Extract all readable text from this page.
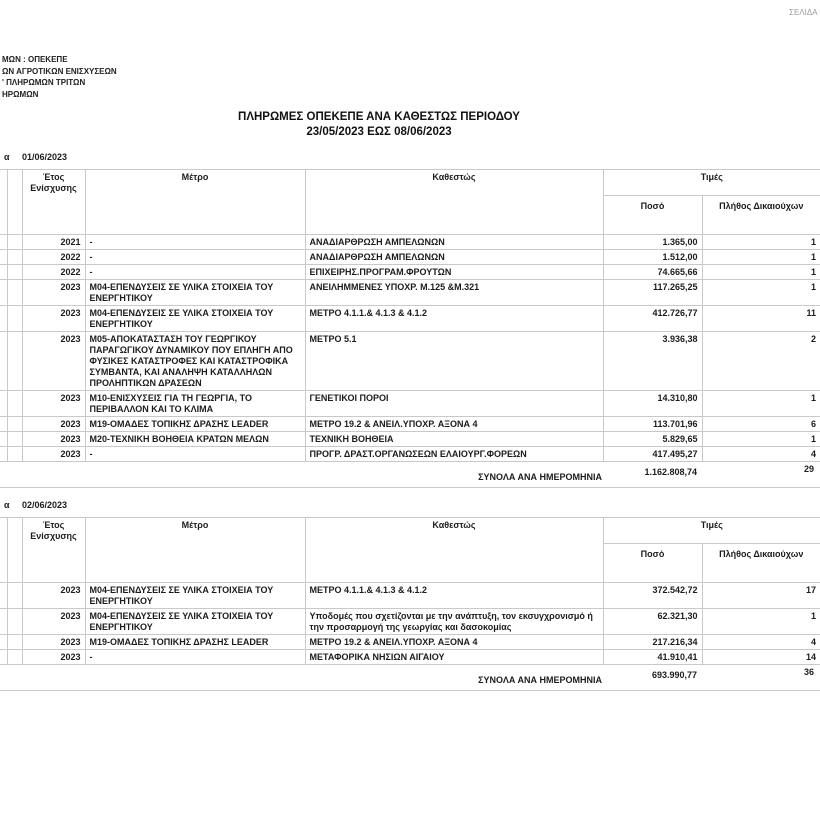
ΣΕΛΙΔΑ
ΜΩΝ : ΟΠΕΚΕΠΕ
ΩΝ ΑΓΡΟΤΙΚΩΝ ΕΝΙΣΧΥΣΕΩΝ
' ΠΛΗΡΩΜΩΝ ΤΡΙΤΩΝ
ΗΡΩΜΩΝ
ΠΛΗΡΩΜΕΣ ΟΠΕΚΕΠΕ ΑΝΑ ΚΑΘΕΣΤΩΣ ΠΕΡΙΟΔΟΥ
23/05/2023 ΕΩΣ 08/06/2023
α 01/06/2023
		Έτος Ενίσχυσης	Μέτρο	Καθεστώς	Τιμές	
					Ποσό	Πλήθος Δικαιούχων
		2021	-	ΑΝΑΔΙΑΡΘΡΩΣΗ ΑΜΠΕΛΩΝΩΝ	1.365,00	1
		2022	-	ΑΝΑΔΙΑΡΘΡΩΣΗ ΑΜΠΕΛΩΝΩΝ	1.512,00	1
		2022	-	ΕΠΙΧΕΙΡΗΣ.ΠΡΟΓΡΑΜ.ΦΡΟΥΤΩΝ	74.665,66	1
		2023	Μ04-ΕΠΕΝΔΥΣΕΙΣ ΣΕ ΥΛΙΚΑ ΣΤΟΙΧΕΙΑ ΤΟΥ ΕΝΕΡΓΗΤΙΚΟΥ	ΑΝΕΙΛΗΜΜΕΝΕΣ ΥΠΟΧΡ. Μ.125 &Μ.321	117.265,25	1
		2023	Μ04-ΕΠΕΝΔΥΣΕΙΣ ΣΕ ΥΛΙΚΑ ΣΤΟΙΧΕΙΑ ΤΟΥ ΕΝΕΡΓΗΤΙΚΟΥ	ΜΕΤΡΟ 4.1.1.& 4.1.3 & 4.1.2	412.726,77	11
		2023	Μ05-ΑΠΟΚΑΤΑΣΤΑΣΗ ΤΟΥ ΓΕΩΡΓΙΚΟΥ ΠΑΡΑΓΩΓΙΚΟΥ ΔΥΝΑΜΙΚΟΥ ΠΟΥ ΕΠΛΗΓΗ ΑΠΟ ΦΥΣΙΚΕΣ ΚΑΤΑΣΤΡΟΦΕΣ ΚΑΙ ΚΑΤΑΣΤΡΟΦΙΚΑ ΣΥΜΒΑΝΤΑ, ΚΑΙ ΑΝΑΛΗΨΗ ΚΑΤΑΛΛΗΛΩΝ ΠΡΟΛΗΠΤΙΚΩΝ ΔΡΑΣΕΩΝ	ΜΕΤΡΟ 5.1	3.936,38	2
		2023	Μ10-ΕΝΙΣΧΥΣΕΙΣ ΓΙΑ ΤΗ ΓΕΩΡΓΙΑ, ΤΟ ΠΕΡΙΒΑΛΛΟΝ ΚΑΙ ΤΟ ΚΛΙΜΑ	ΓΕΝΕΤΙΚΟΙ ΠΟΡΟΙ	14.310,80	1
		2023	Μ19-ΟΜΑΔΕΣ ΤΟΠΙΚΗΣ ΔΡΑΣΗΣ LEADER	ΜΕΤΡΟ 19.2 & ΑΝΕΙΛ.ΥΠΟΧΡ. ΑΞΟΝΑ 4	113.701,96	6
		2023	Μ20-ΤΕΧΝΙΚΗ ΒΟΗΘΕΙΑ ΚΡΑΤΩΝ ΜΕΛΩΝ	ΤΕΧΝΙΚΗ ΒΟΗΘΕΙΑ	5.829,65	1
		2023	-	ΠΡΟΓΡ. ΔΡΑΣΤ.ΟΡΓΑΝΩΣΕΩΝ ΕΛΑΙΟΥΡΓ.ΦΟΡΕΩΝ	417.495,27	4
ΣΥΝΟΛΑ ΑΝΑ ΗΜΕΡΟΜΗΝΙΑ	1.162.808,74	29
α 02/06/2023
		Έτος Ενίσχυσης	Μέτρο	Καθεστώς	Τιμές	
					Ποσό	Πλήθος Δικαιούχων
		2023	Μ04-ΕΠΕΝΔΥΣΕΙΣ ΣΕ ΥΛΙΚΑ ΣΤΟΙΧΕΙΑ ΤΟΥ ΕΝΕΡΓΗΤΙΚΟΥ	ΜΕΤΡΟ 4.1.1.& 4.1.3 & 4.1.2	372.542,72	17
		2023	Μ04-ΕΠΕΝΔΥΣΕΙΣ ΣΕ ΥΛΙΚΑ ΣΤΟΙΧΕΙΑ ΤΟΥ ΕΝΕΡΓΗΤΙΚΟΥ	Υποδομές που σχετίζονται με την ανάπτυξη, τον εκσυγχρονισμό ή την προσαρμογή της γεωργίας και δασοκομίας	62.321,30	1
		2023	Μ19-ΟΜΑΔΕΣ ΤΟΠΙΚΗΣ ΔΡΑΣΗΣ LEADER	ΜΕΤΡΟ 19.2 & ΑΝΕΙΛ.ΥΠΟΧΡ. ΑΞΟΝΑ 4	217.216,34	4
		2023	-	ΜΕΤΑΦΟΡΙΚΑ ΝΗΣΙΩΝ ΑΙΓΑΙΟΥ	41.910,41	14
ΣΥΝΟΛΑ ΑΝΑ ΗΜΕΡΟΜΗΝΙΑ	693.990,77	36
